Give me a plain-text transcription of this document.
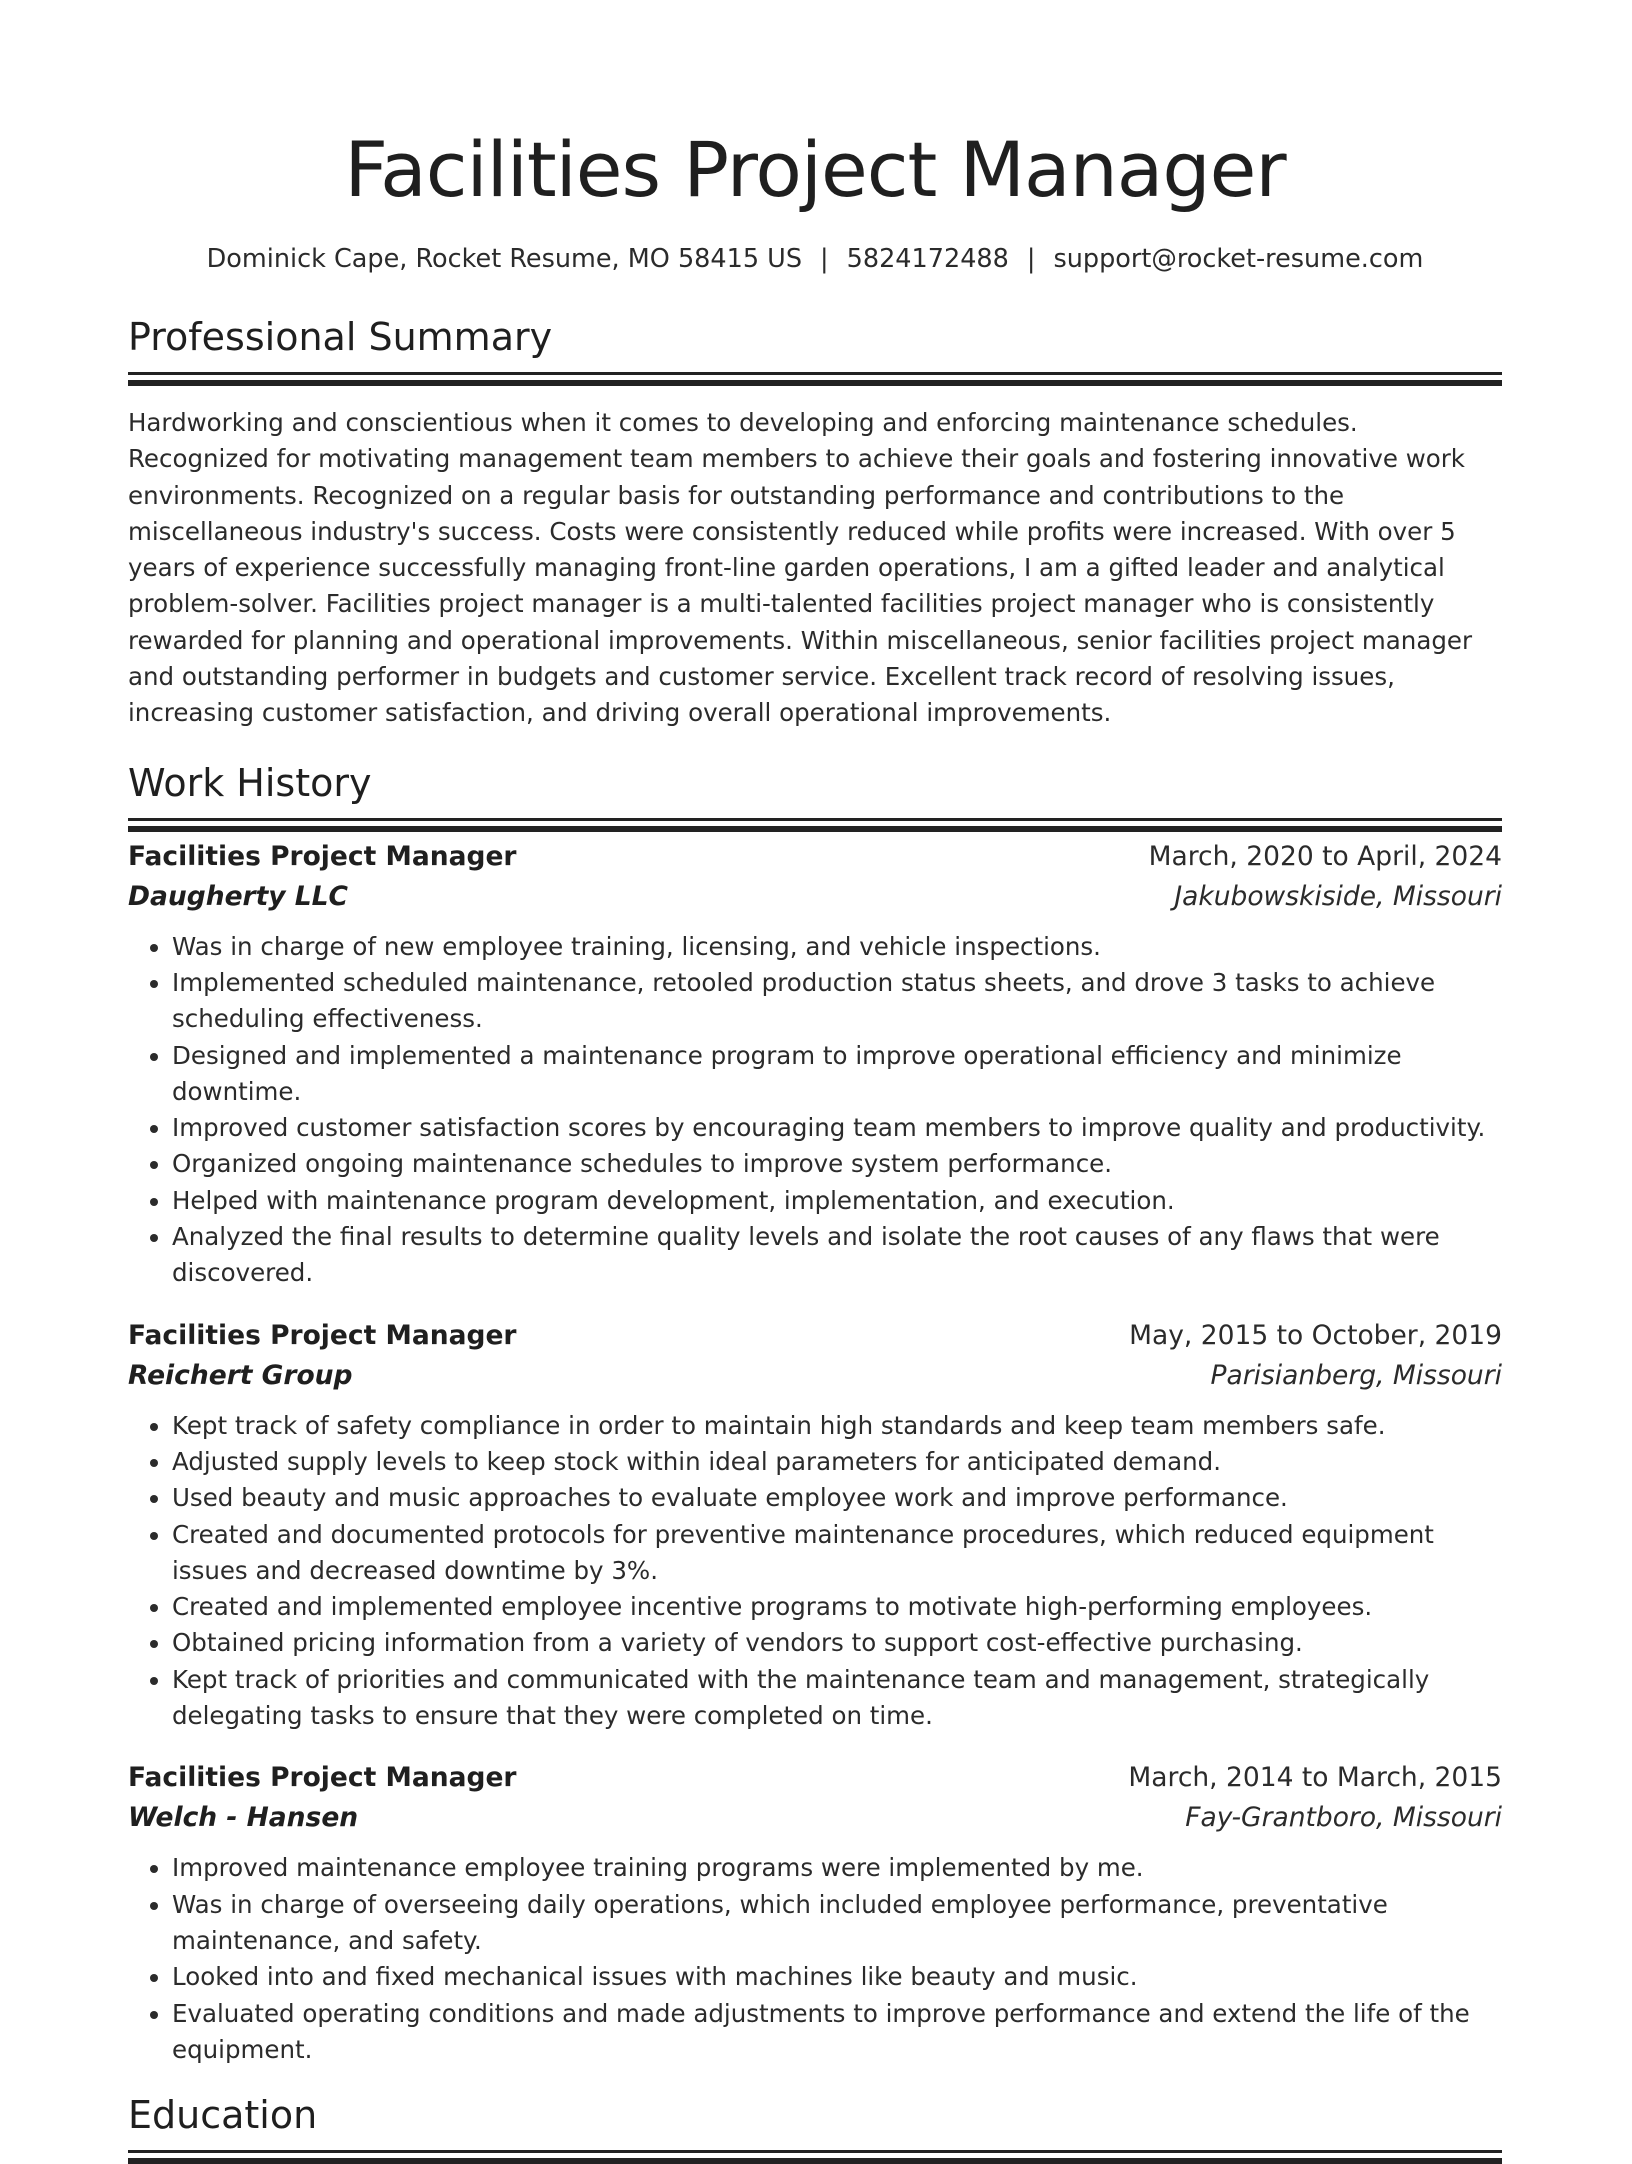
Facilities Project Manager
Dominick Cape, Rocket Resume, MO 58415 US | 5824172488 | support@rocket-resume.com
Professional Summary

Hardworking and conscientious when it comes to developing and enforcing maintenance schedules. Recognized for motivating management team members to achieve their goals and fostering innovative work environments. Recognized on a regular basis for outstanding performance and contributions to the miscellaneous industry's success. Costs were consistently reduced while profits were increased. With over 5 years of experience successfully managing front-line garden operations, I am a gifted leader and analytical problem-solver. Facilities project manager is a multi-talented facilities project manager who is consistently rewarded for planning and operational improvements. Within miscellaneous, senior facilities project manager and outstanding performer in budgets and customer service. Excellent track record of resolving issues, increasing customer satisfaction, and driving overall operational improvements.

Work History
Facilities Project Manager	March, 2020 to April, 2024
Daugherty LLC	Jakubowskiside, Missouri
• Was in charge of new employee training, licensing, and vehicle inspections.
• Implemented scheduled maintenance, retooled production status sheets, and drove 3 tasks to achieve scheduling effectiveness.
• Designed and implemented a maintenance program to improve operational efficiency and minimize downtime.
• Improved customer satisfaction scores by encouraging team members to improve quality and productivity.
• Organized ongoing maintenance schedules to improve system performance.
• Helped with maintenance program development, implementation, and execution.
• Analyzed the final results to determine quality levels and isolate the root causes of any flaws that were discovered.
Facilities Project Manager	May, 2015 to October, 2019
Reichert Group	Parisianberg, Missouri
• Kept track of safety compliance in order to maintain high standards and keep team members safe.
• Adjusted supply levels to keep stock within ideal parameters for anticipated demand.
• Used beauty and music approaches to evaluate employee work and improve performance.
• Created and documented protocols for preventive maintenance procedures, which reduced equipment issues and decreased downtime by 3%.
• Created and implemented employee incentive programs to motivate high-performing employees.
• Obtained pricing information from a variety of vendors to support cost-effective purchasing.
• Kept track of priorities and communicated with the maintenance team and management, strategically delegating tasks to ensure that they were completed on time.
Facilities Project Manager	March, 2014 to March, 2015
Welch - Hansen	Fay-Grantboro, Missouri
• Improved maintenance employee training programs were implemented by me.
• Was in charge of overseeing daily operations, which included employee performance, preventative maintenance, and safety.
• Looked into and fixed mechanical issues with machines like beauty and music.
• Evaluated operating conditions and made adjustments to improve performance and extend the life of the equipment.
Education
